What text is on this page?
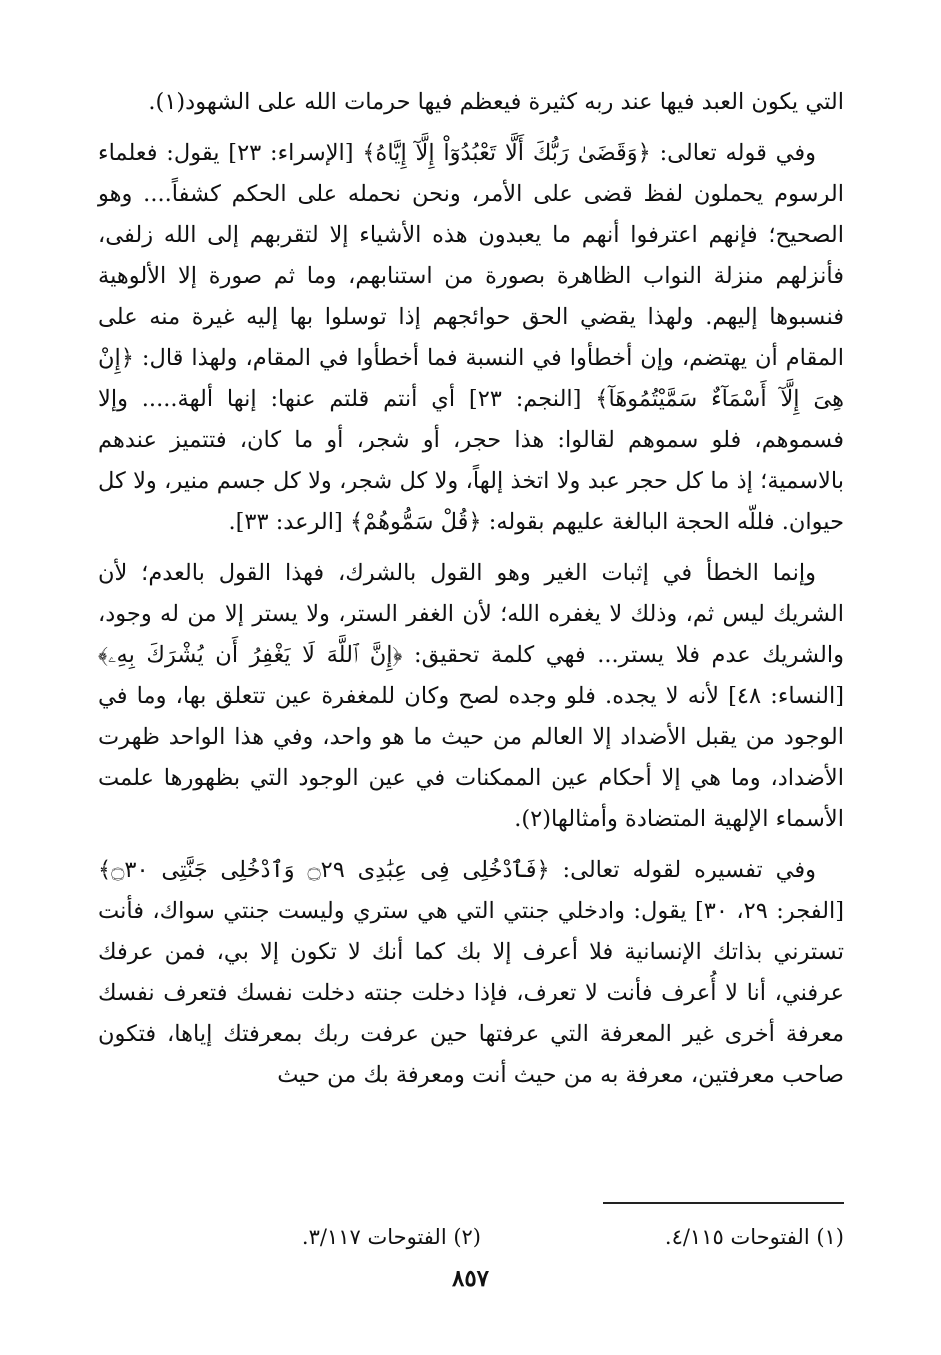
التي يكون العبد فيها عند ربه كثيرة فيعظم فيها حرمات الله على الشهود(١).

وفي قوله تعالى: ﴿وَقَضَىٰ رَبُّكَ أَلَّا تَعْبُدُوٓاْ إِلَّآ إِيَّاهُ﴾ [الإسراء: ٢٣] يقول: فعلماء الرسوم يحملون لفظ قضى على الأمر، ونحن نحمله على الحكم كشفاً.... وهو الصحيح؛ فإنهم اعترفوا أنهم ما يعبدون هذه الأشياء إلا لتقربهم إلى الله زلفى، فأنزلهم منزلة النواب الظاهرة بصورة من استنابهم، وما ثم صورة إلا الألوهية فنسبوها إليهم. ولهذا يقضي الحق حوائجهم إذا توسلوا بها إليه غيرة منه على المقام أن يهتضم، وإن أخطأوا في النسبة فما أخطأوا في المقام، ولهذا قال: ﴿إِنْ هِىَ إِلَّآ أَسْمَآءٌ سَمَّيْتُمُوهَآ﴾ [النجم: ٢٣] أي أنتم قلتم عنها: إنها ألهة..... وإلا فسموهم، فلو سموهم لقالوا: هذا حجر، أو شجر، أو ما كان، فتتميز عندهم بالاسمية؛ إذ ما كل حجر عبد ولا اتخذ إلهاً، ولا كل شجر، ولا كل جسم منير، ولا كل حيوان. فللّه الحجة البالغة عليهم بقوله: ﴿قُلْ سَمُّوهُمْ﴾ [الرعد: ٣٣].

وإنما الخطأ في إثبات الغير وهو القول بالشرك، فهذا القول بالعدم؛ لأن الشريك ليس ثم، وذلك لا يغفره الله؛ لأن الغفر الستر، ولا يستر إلا من له وجود، والشريك عدم فلا يستر... فهي كلمة تحقيق: ﴿إِنَّ ٱللَّهَ لَا يَغْفِرُ أَن يُشْرَكَ بِهِۦ﴾ [النساء: ٤٨] لأنه لا يجده. فلو وجده لصح وكان للمغفرة عين تتعلق بها، وما في الوجود من يقبل الأضداد إلا العالم من حيث ما هو واحد، وفي هذا الواحد ظهرت الأضداد، وما هي إلا أحكام عين الممكنات في عين الوجود التي بظهورها علمت الأسماء الإلهية المتضادة وأمثالها(٢).

وفي تفسيره لقوله تعالى: ﴿فَٱدْخُلِى فِى عِبَٰدِى ۝٢٩ وَٱدْخُلِى جَنَّتِى ۝٣٠﴾ [الفجر: ٢٩، ٣٠] يقول: وادخلي جنتي التي هي ستري وليست جنتي سواك، فأنت تسترني بذاتك الإنسانية فلا أعرف إلا بك كما أنك لا تكون إلا بي، فمن عرفك عرفني، أنا لا أُعرف فأنت لا تعرف، فإذا دخلت جنته دخلت نفسك فتعرف نفسك معرفة أخرى غير المعرفة التي عرفتها حين عرفت ربك بمعرفتك إياها، فتكون صاحب معرفتين، معرفة به من حيث أنت ومعرفة بك من حيث

(١) الفتوحات ٤/١١٥.
(٢) الفتوحات ٣/١١٧.
٨٥٧
